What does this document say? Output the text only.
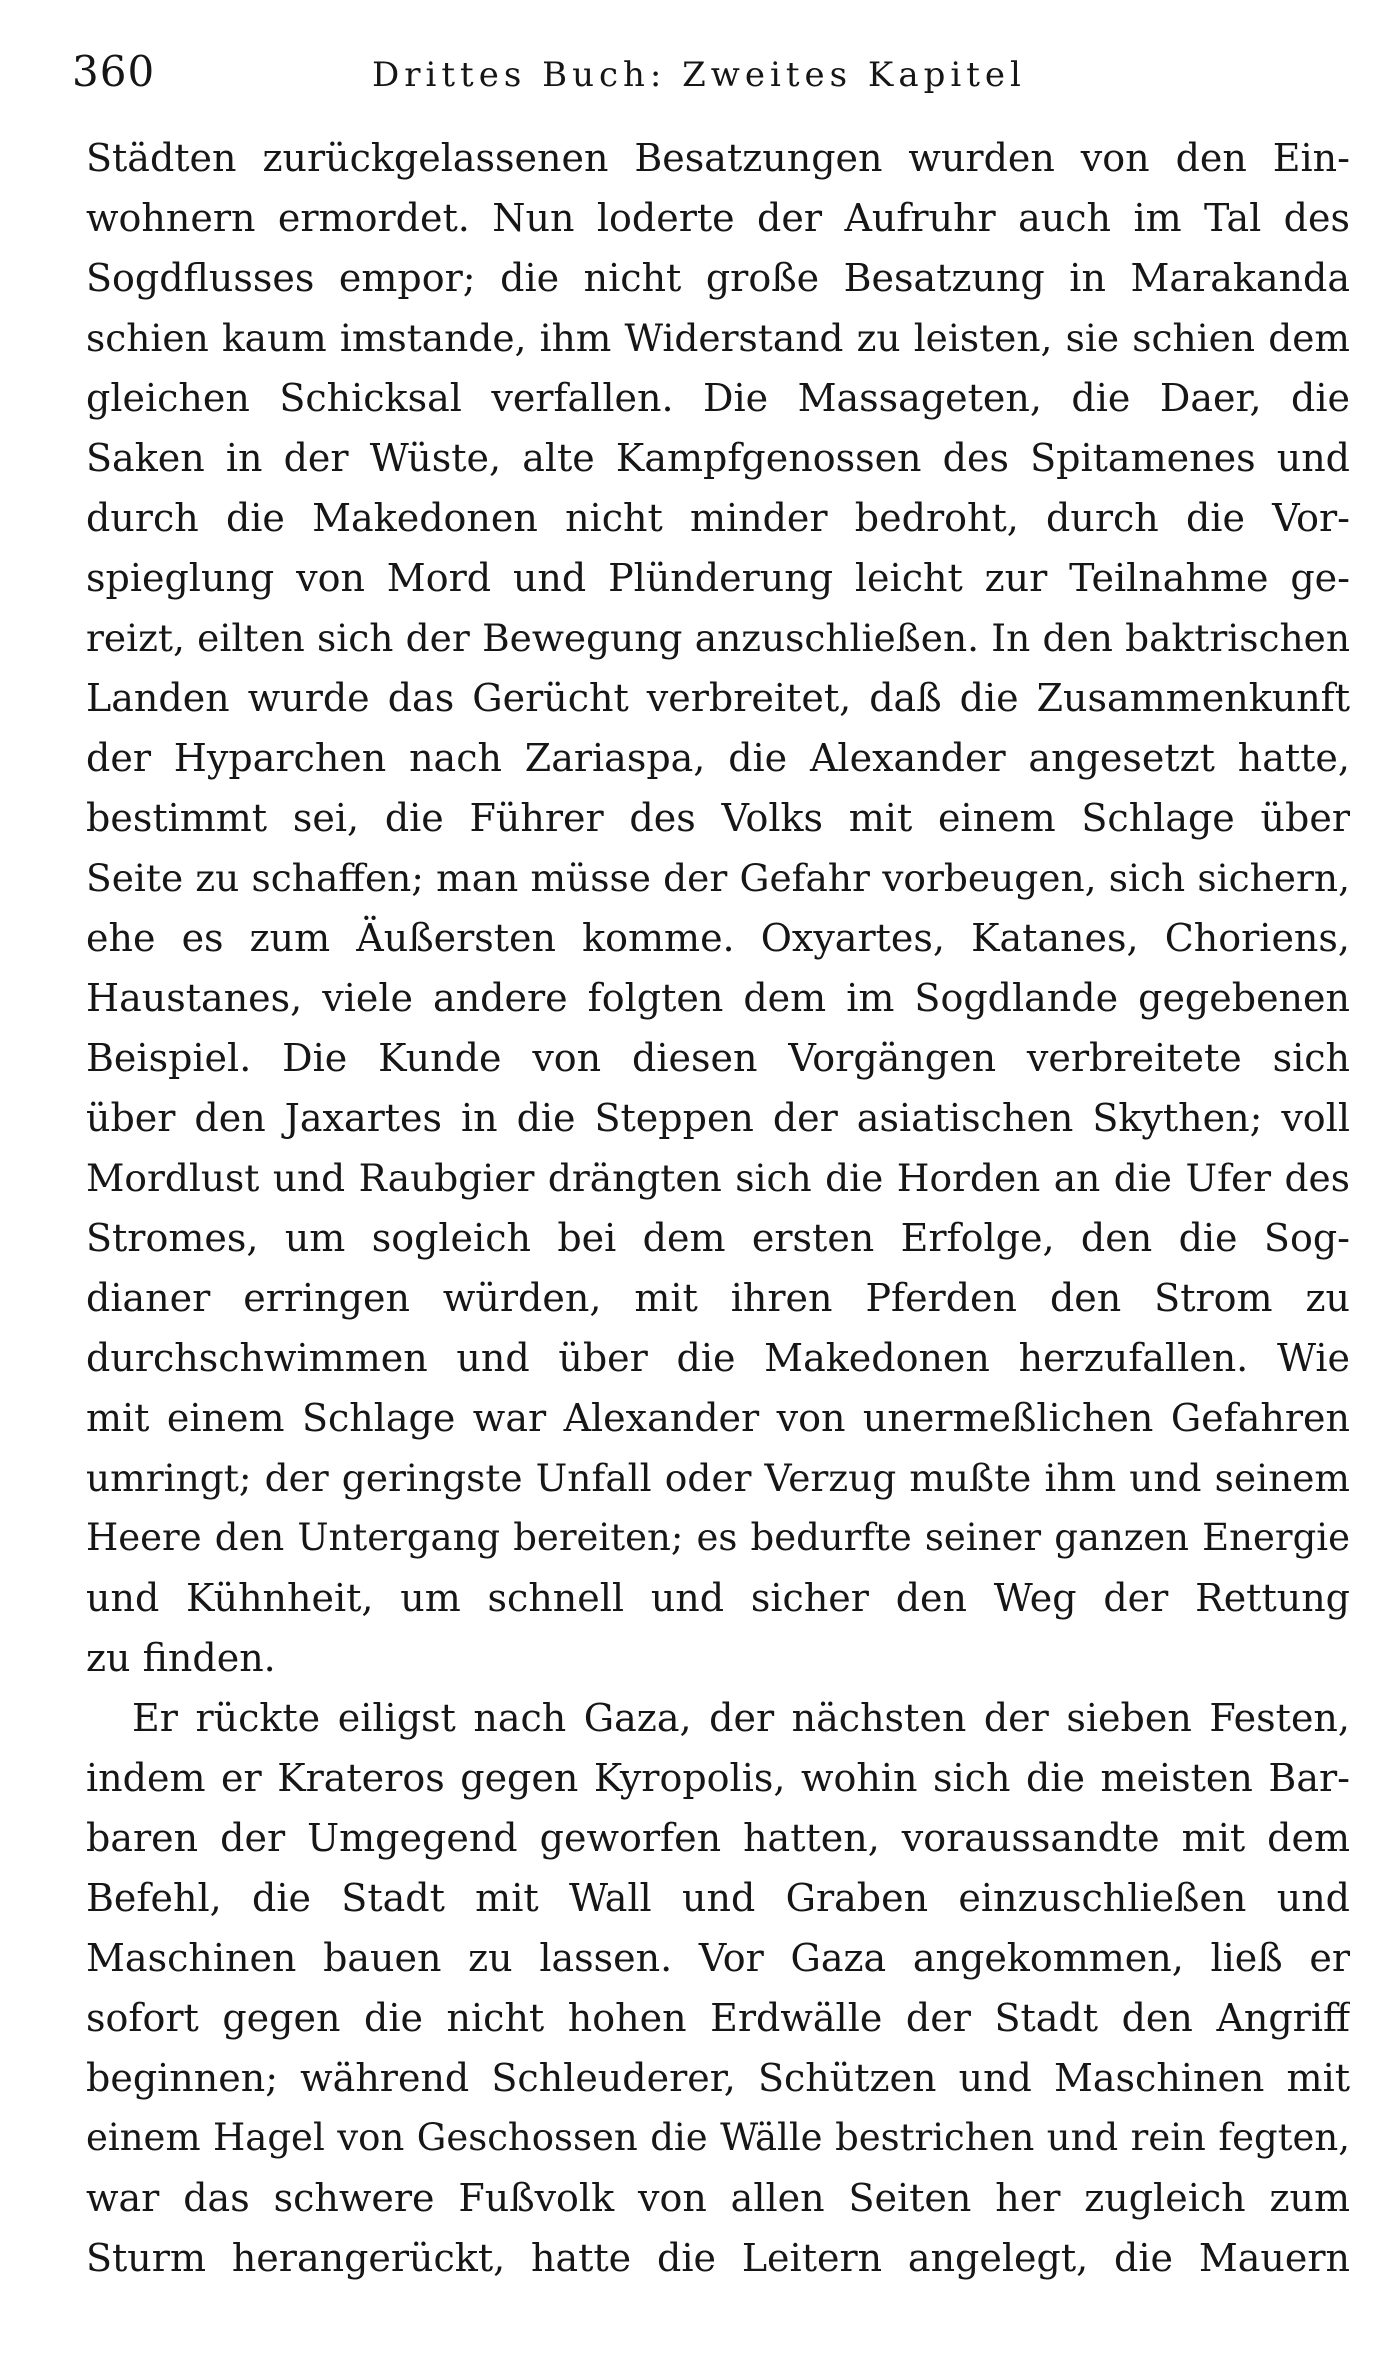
360	Drittes Buch: Zweites Kapitel
Städten zurückgelassenen Besatzungen wurden von den Ein-
wohnern ermordet. Nun loderte der Aufruhr auch im Tal des
Sogdflusses empor; die nicht große Besatzung in Marakanda
schien kaum imstande, ihm Widerstand zu leisten, sie schien dem
gleichen Schicksal verfallen. Die Massageten, die Daer, die
Saken in der Wüste, alte Kampfgenossen des Spitamenes und
durch die Makedonen nicht minder bedroht, durch die Vor-
spieglung von Mord und Plünderung leicht zur Teilnahme ge-
reizt, eilten sich der Bewegung anzuschließen. In den baktrischen
Landen wurde das Gerücht verbreitet, daß die Zusammenkunft
der Hyparchen nach Zariaspa, die Alexander angesetzt hatte,
bestimmt sei, die Führer des Volks mit einem Schlage über
Seite zu schaffen; man müsse der Gefahr vorbeugen, sich sichern,
ehe es zum Äußersten komme. Oxyartes, Katanes, Choriens,
Haustanes, viele andere folgten dem im Sogdlande gegebenen
Beispiel. Die Kunde von diesen Vorgängen verbreitete sich
über den Jaxartes in die Steppen der asiatischen Skythen; voll
Mordlust und Raubgier drängten sich die Horden an die Ufer des
Stromes, um sogleich bei dem ersten Erfolge, den die Sog-
dianer erringen würden, mit ihren Pferden den Strom zu
durchschwimmen und über die Makedonen herzufallen. Wie
mit einem Schlage war Alexander von unermeßlichen Gefahren
umringt; der geringste Unfall oder Verzug mußte ihm und seinem
Heere den Untergang bereiten; es bedurfte seiner ganzen Energie
und Kühnheit, um schnell und sicher den Weg der Rettung
zu finden.
Er rückte eiligst nach Gaza, der nächsten der sieben Festen,
indem er Krateros gegen Kyropolis, wohin sich die meisten Bar-
baren der Umgegend geworfen hatten, voraussandte mit dem
Befehl, die Stadt mit Wall und Graben einzuschließen und
Maschinen bauen zu lassen. Vor Gaza angekommen, ließ er
sofort gegen die nicht hohen Erdwälle der Stadt den Angriff
beginnen; während Schleuderer, Schützen und Maschinen mit
einem Hagel von Geschossen die Wälle bestrichen und rein fegten,
war das schwere Fußvolk von allen Seiten her zugleich zum
Sturm herangerückt, hatte die Leitern angelegt, die Mauern
